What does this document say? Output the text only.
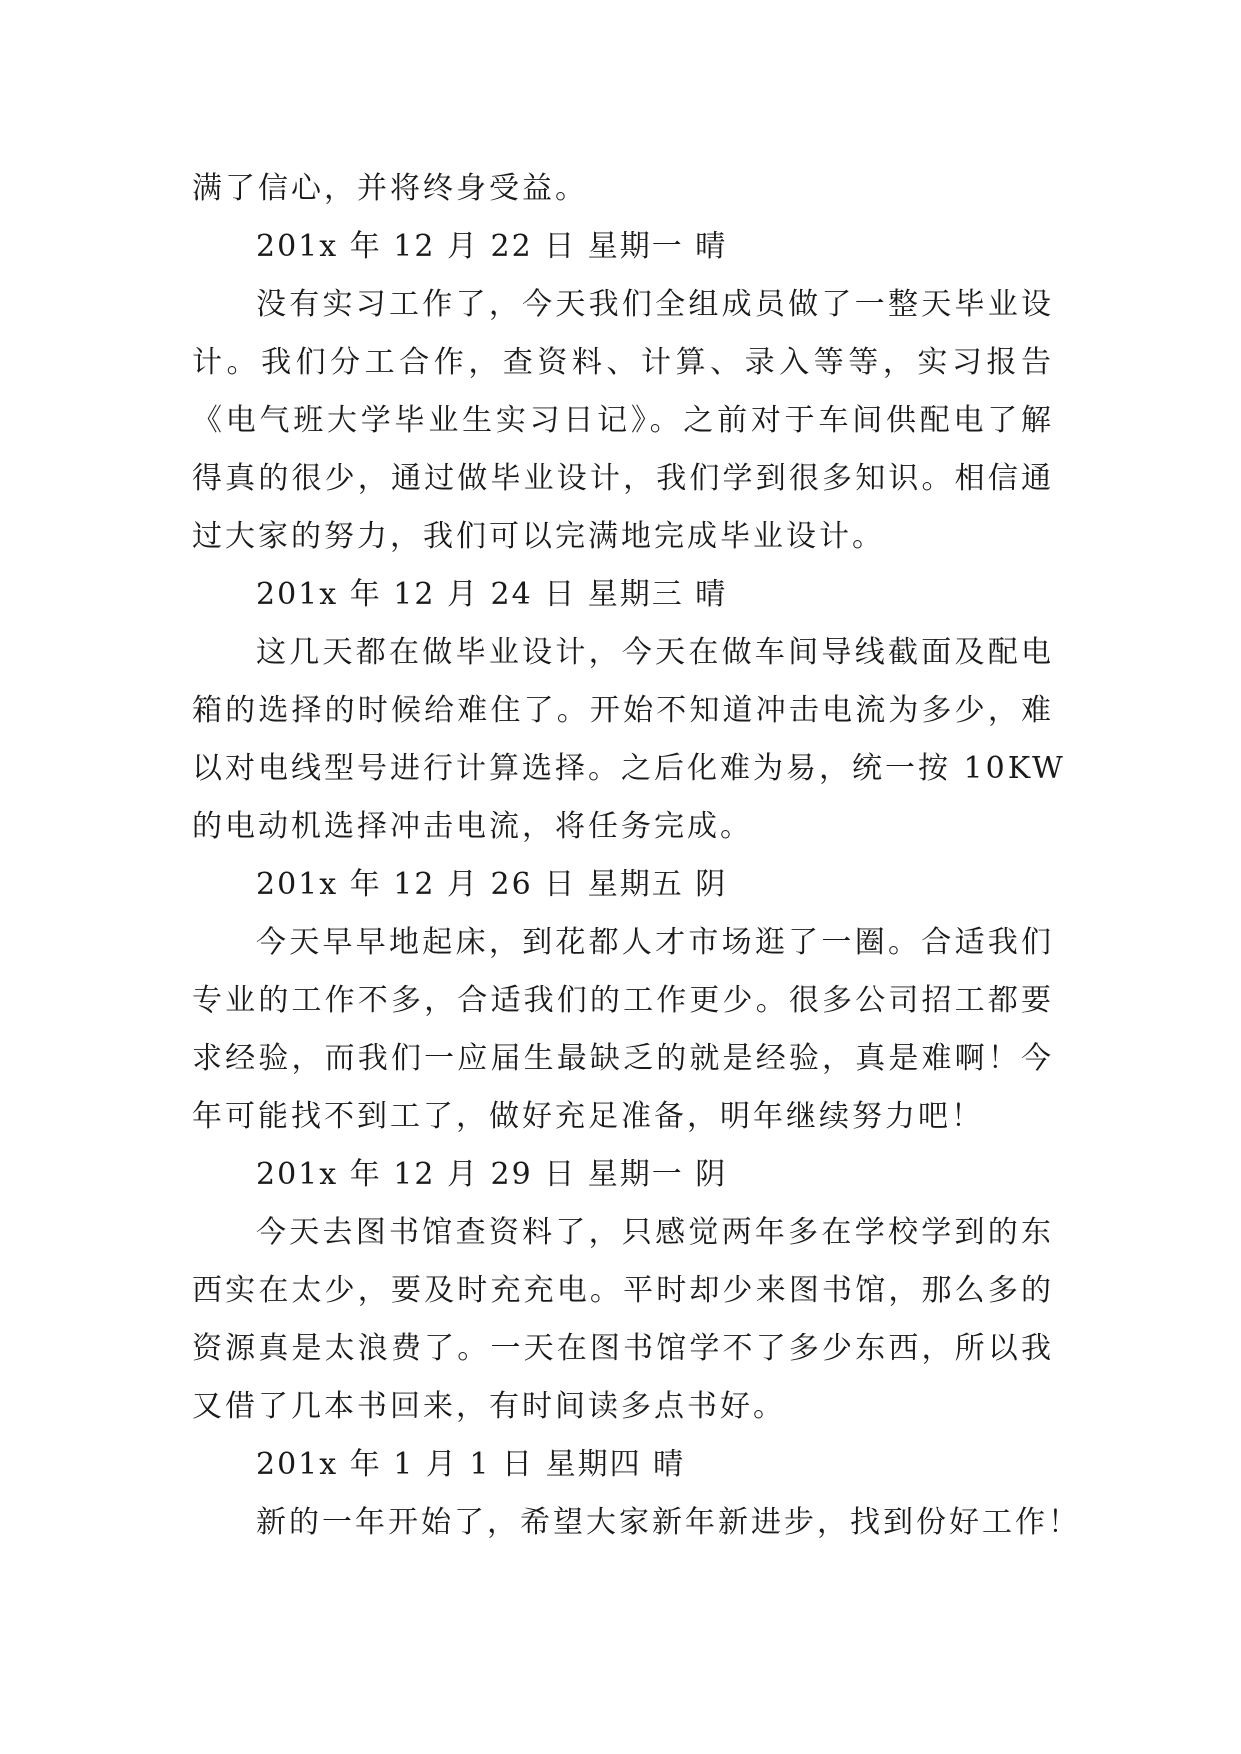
满了信心，并将终身受益。
201x 年 12 月 22 日 星期一 晴
没有实习工作了，今天我们全组成员做了一整天毕业设
计。我们分工合作，查资料、计算、录入等等，实习报告
《电气班大学毕业生实习日记》。之前对于车间供配电了解
得真的很少，通过做毕业设计，我们学到很多知识。相信通
过大家的努力，我们可以完满地完成毕业设计。
201x 年 12 月 24 日 星期三 晴
这几天都在做毕业设计，今天在做车间导线截面及配电
箱的选择的时候给难住了。开始不知道冲击电流为多少，难
以对电线型号进行计算选择。之后化难为易，统一按 10KW
的电动机选择冲击电流，将任务完成。
201x 年 12 月 26 日 星期五 阴
今天早早地起床，到花都人才市场逛了一圈。合适我们
专业的工作不多，合适我们的工作更少。很多公司招工都要
求经验，而我们一应届生最缺乏的就是经验，真是难啊！今
年可能找不到工了，做好充足准备，明年继续努力吧！
201x 年 12 月 29 日 星期一 阴
今天去图书馆查资料了，只感觉两年多在学校学到的东
西实在太少，要及时充充电。平时却少来图书馆，那么多的
资源真是太浪费了。一天在图书馆学不了多少东西，所以我
又借了几本书回来，有时间读多点书好。
201x 年 1 月 1 日 星期四 晴
新的一年开始了，希望大家新年新进步，找到份好工作！
